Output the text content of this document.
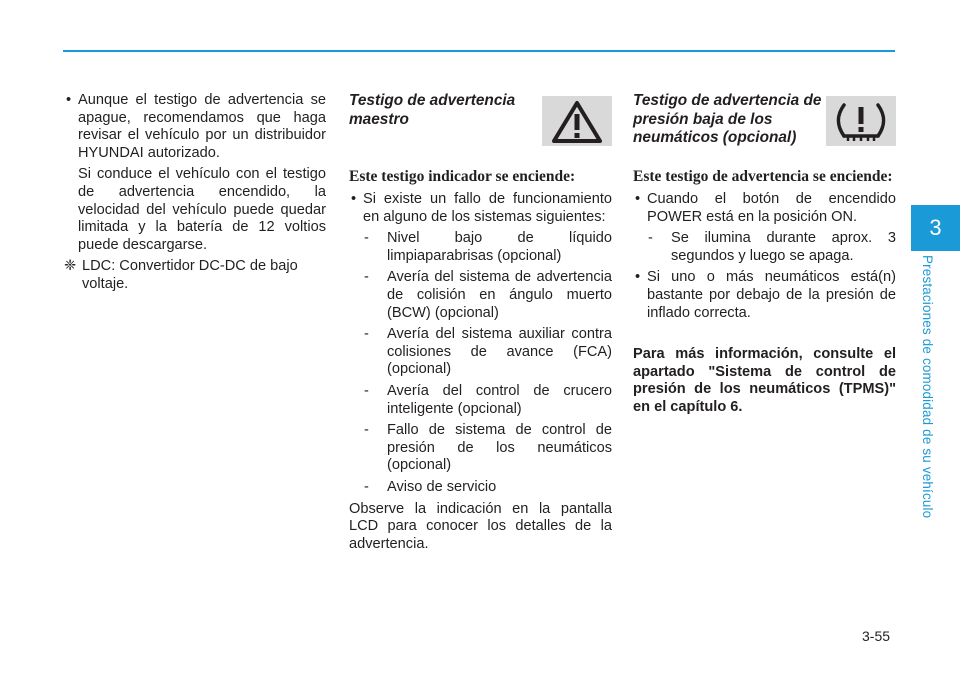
3
Prestaciones de comodidad de su vehículo

• Aunque el testigo de advertencia se apague, recomendamos que haga revisar el vehículo por un distribuidor HYUNDAI autorizado.

Si conduce el vehículo con el testigo de advertencia encendido, la velocidad del vehículo puede quedar limitada y la batería de 12 voltios puede descargarse.

❈ LDC: Convertidor DC-DC de bajo voltaje.

Testigo de advertencia maestro

Este testigo indicador se enciende:

• Si existe un fallo de funcionamiento en alguno de los sistemas siguientes:

- Nivel bajo de líquido limpiaparabrisas (opcional)

- Avería del sistema de advertencia de colisión en ángulo muerto (BCW) (opcional)

- Avería del sistema auxiliar contra colisiones de avance (FCA) (opcional)

- Avería del control de crucero inteligente (opcional)

- Fallo de sistema de control de presión de los neumáticos (opcional)

- Aviso de servicio

Observe la indicación en la pantalla LCD para conocer los detalles de la advertencia.

Testigo de advertencia de presión baja de los neumáticos (opcional)

Este testigo de advertencia se enciende:

• Cuando el botón de encendido POWER está en la posición ON.

- Se ilumina durante aprox. 3 segundos y luego se apaga.

• Si uno o más neumáticos está(n) bastante por debajo de la presión de inflado correcta.

Para más información, consulte el apartado "Sistema de control de presión de los neumáticos (TPMS)" en el capítulo 6.

3-55
